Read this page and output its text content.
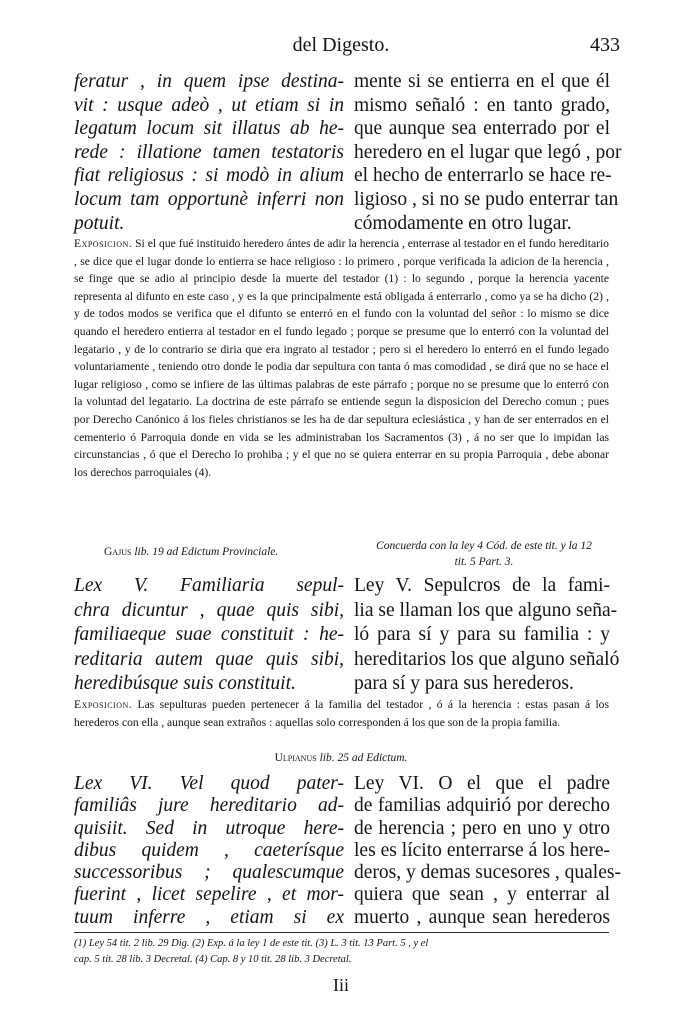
del Digesto.	433
feratur , in quem ipse destina-
vit : usque adeò , ut etiam si in
legatum locum sit illatus ab he-
rede : illatione tamen testatoris
fiat religiosus : si modò in alium
locum tam opportunè inferri non
potuit.
mente si se entierra en el que él
mismo señaló : en tanto grado,
que aunque sea enterrado por el
heredero en el lugar que legó , por
el hecho de enterrarlo se hace re-
ligioso , si no se pudo enterrar tan
cómodamente en otro lugar.
Exposicion. Si el que fué instituido heredero ántes de adir la herencia , enterrase al testador en el fundo hereditario , se dice que el lugar donde lo entierra se hace religioso : lo primero , porque verificada la adicion de la herencia , se finge que se adio al principio desde la muerte del testador (1) : lo segundo , porque la herencia yacente representa al difunto en este caso , y es la que principalmente está obligada á enterrarlo , como ya se ha dicho (2) , y de todos modos se verifica que el difunto se enterró en el fundo con la voluntad del señor : lo mismo se dice quando el heredero entierra al testador en el fundo legado ; porque se presume que lo enterró con la voluntad del legatario , y de lo contrario se diria que era ingrato al testador ; pero si el heredero lo enterró en el fundo legado voluntariamente , teniendo otro donde le podia dar sepultura con tanta ó mas comodidad , se dirá que no se hace el lugar religioso , como se infiere de las últimas palabras de este párrafo ; porque no se presume que lo enterró con la voluntad del legatario. La doctrina de este párrafo se entiende segun la disposicion del Derecho comun ; pues por Derecho Canónico á los fieles christianos se les ha de dar sepultura eclesiástica , y han de ser enterrados en el cementerio ó Parroquia donde en vida se les administraban los Sacramentos (3) , á no ser que lo impidan las circunstancias , ó que el Derecho lo prohiba ; y el que no se quiera enterrar en su propia Parroquia , debe abonar los derechos parroquiales (4).
Gajus lib. 19 ad Edictum Provinciale.	Concuerda con la ley 4 Cód. de este tit. y la 12
tit. 5 Part. 3.
Lex V. Familiaria sepul-
chra dicuntur , quae quis sibi,
familiaeque suae constituit : he-
reditaria autem quae quis sibi,
heredibúsque suis constituit.
Ley V. Sepulcros de la fami-
lia se llaman los que alguno seña-
ló para sí y para su familia : y
hereditarios los que alguno señaló
para sí y para sus herederos.
Exposicion. Las sepulturas pueden pertenecer á la familia del testador , ó á la herencia : estas pasan á los herederos con ella , aunque sean extraños : aquellas solo corresponden á los que son de la propia familia.
Ulpianus lib. 25 ad Edictum.
Lex VI. Vel quod pater-
familiâs jure hereditario ad-
quisiit. Sed in utroque here-
dibus quidem , caeterísque
successoribus ; qualescumque
fuerint , licet sepelire , et mor-
tuum inferre , etiam si ex
Ley VI. O el que el padre
de familias adquirió por derecho
de herencia ; pero en uno y otro
les es lícito enterrarse á los here-
deros, y demas sucesores , quales-
quiera que sean , y enterrar al
muerto , aunque sean herederos
(1) Ley 54 tit. 2 lib. 29 Dig. (2) Exp. á la ley 1 de este tit. (3) L. 3 tit. 13 Part. 5 , y el
cap. 5 tit. 28 lib. 3 Decretal. (4) Cap. 8 y 10 tit. 28 lib. 3 Decretal.
Iii
